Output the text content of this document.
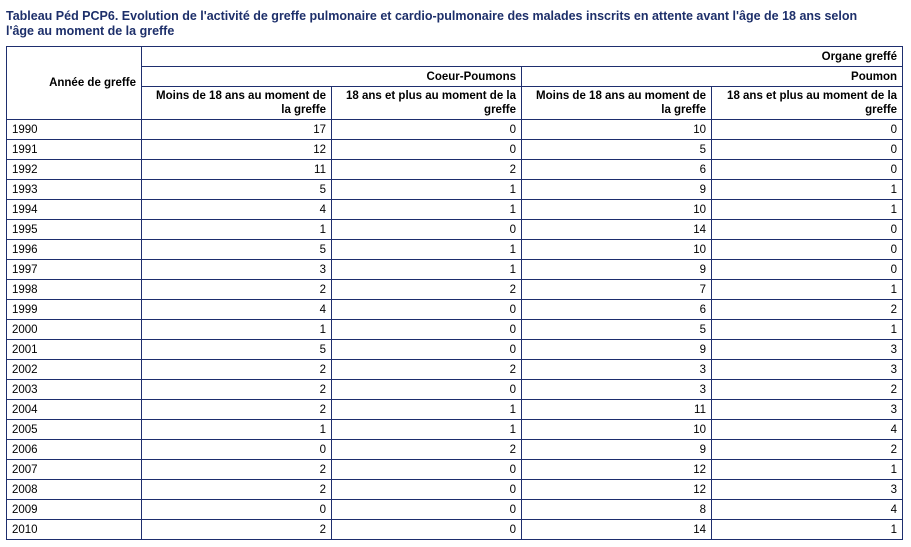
Tableau Péd PCP6. Evolution de l'activité de greffe pulmonaire et cardio-pulmonaire des malades inscrits en attente avant l'âge de 18 ans selon l'âge au moment de la greffe
Année de greffe	Organe greffé			
	Coeur-Poumons		Poumon	
	Moins de 18 ans au moment de la greffe	18 ans et plus au moment de la greffe	Moins de 18 ans au moment de la greffe	18 ans et plus au moment de la greffe
1990	17	0	10	0
1991	12	0	5	0
1992	11	2	6	0
1993	5	1	9	1
1994	4	1	10	1
1995	1	0	14	0
1996	5	1	10	0
1997	3	1	9	0
1998	2	2	7	1
1999	4	0	6	2
2000	1	0	5	1
2001	5	0	9	3
2002	2	2	3	3
2003	2	0	3	2
2004	2	1	11	3
2005	1	1	10	4
2006	0	2	9	2
2007	2	0	12	1
2008	2	0	12	3
2009	0	0	8	4
2010	2	0	14	1
